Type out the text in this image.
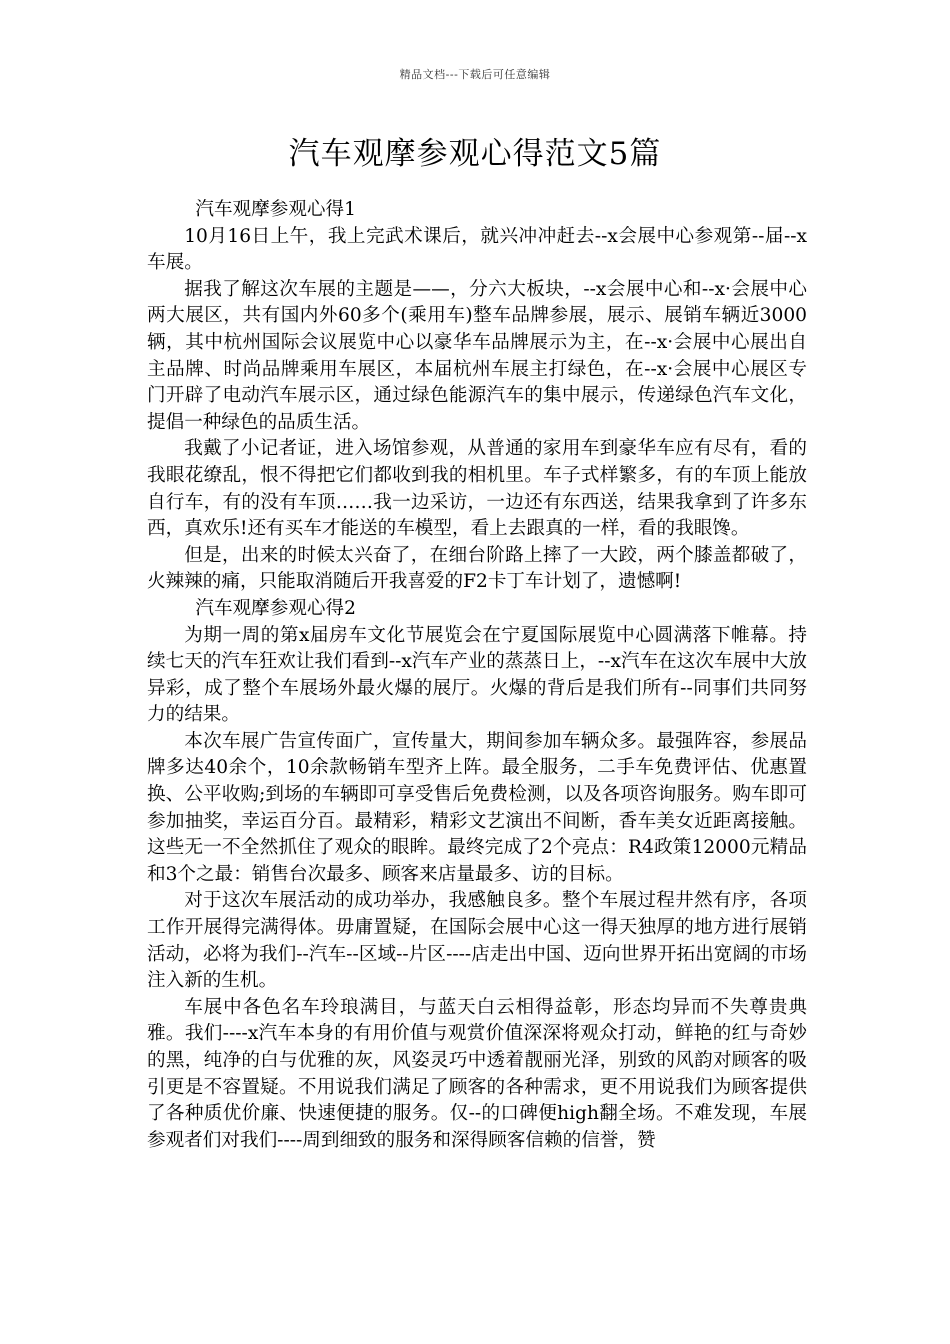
精品文档---下载后可任意编辑
汽车观摩参观心得范文5篇

汽车观摩参观心得1

10月16日上午，我上完武术课后，就兴冲冲赶去--x会展中心参观第--届--x车展。

据我了解这次车展的主题是——，分六大板块，--x会展中心和--x·会展中心两大展区，共有国内外60多个(乘用车)整车品牌参展，展示、展销车辆近3000辆，其中杭州国际会议展览中心以豪华车品牌展示为主，在--x·会展中心展出自主品牌、时尚品牌乘用车展区，本届杭州车展主打绿色，在--x·会展中心展区专门开辟了电动汽车展示区，通过绿色能源汽车的集中展示，传递绿色汽车文化，提倡一种绿色的品质生活。

我戴了小记者证，进入场馆参观，从普通的家用车到豪华车应有尽有，看的我眼花缭乱，恨不得把它们都收到我的相机里。车子式样繁多，有的车顶上能放自行车，有的没有车顶……我一边采访，一边还有东西送，结果我拿到了许多东西，真欢乐!还有买车才能送的车模型，看上去跟真的一样，看的我眼馋。

但是，出来的时候太兴奋了，在细台阶路上摔了一大跤，两个膝盖都破了，火辣辣的痛，只能取消随后开我喜爱的F2卡丁车计划了，遗憾啊!

汽车观摩参观心得2

为期一周的第x届房车文化节展览会在宁夏国际展览中心圆满落下帷幕。持续七天的汽车狂欢让我们看到--x汽车产业的蒸蒸日上，--x汽车在这次车展中大放异彩，成了整个车展场外最火爆的展厅。火爆的背后是我们所有--同事们共同努力的结果。

本次车展广告宣传面广，宣传量大，期间参加车辆众多。最强阵容，参展品牌多达40余个，10余款畅销车型齐上阵。最全服务，二手车免费评估、优惠置换、公平收购;到场的车辆即可享受售后免费检测，以及各项咨询服务。购车即可参加抽奖，幸运百分百。最精彩，精彩文艺演出不间断，香车美女近距离接触。这些无一不全然抓住了观众的眼眸。最终完成了2个亮点：R4政策12000元精品和3个之最：销售台次最多、顾客来店量最多、访的目标。

对于这次车展活动的成功举办，我感触良多。整个车展过程井然有序，各项工作开展得完满得体。毋庸置疑，在国际会展中心这一得天独厚的地方进行展销活动，必将为我们--汽车--区域--片区----店走出中国、迈向世界开拓出宽阔的市场注入新的生机。

车展中各色名车玲琅满目，与蓝天白云相得益彰，形态均异而不失尊贵典雅。我们----x汽车本身的有用价值与观赏价值深深将观众打动，鲜艳的红与奇妙的黑，纯净的白与优雅的灰，风姿灵巧中透着靓丽光泽，别致的风韵对顾客的吸引更是不容置疑。不用说我们满足了顾客的各种需求，更不用说我们为顾客提供了各种质优价廉、快速便捷的服务。仅--的口碑便high翻全场。不难发现，车展参观者们对我们----周到细致的服务和深得顾客信赖的信誉，赞
